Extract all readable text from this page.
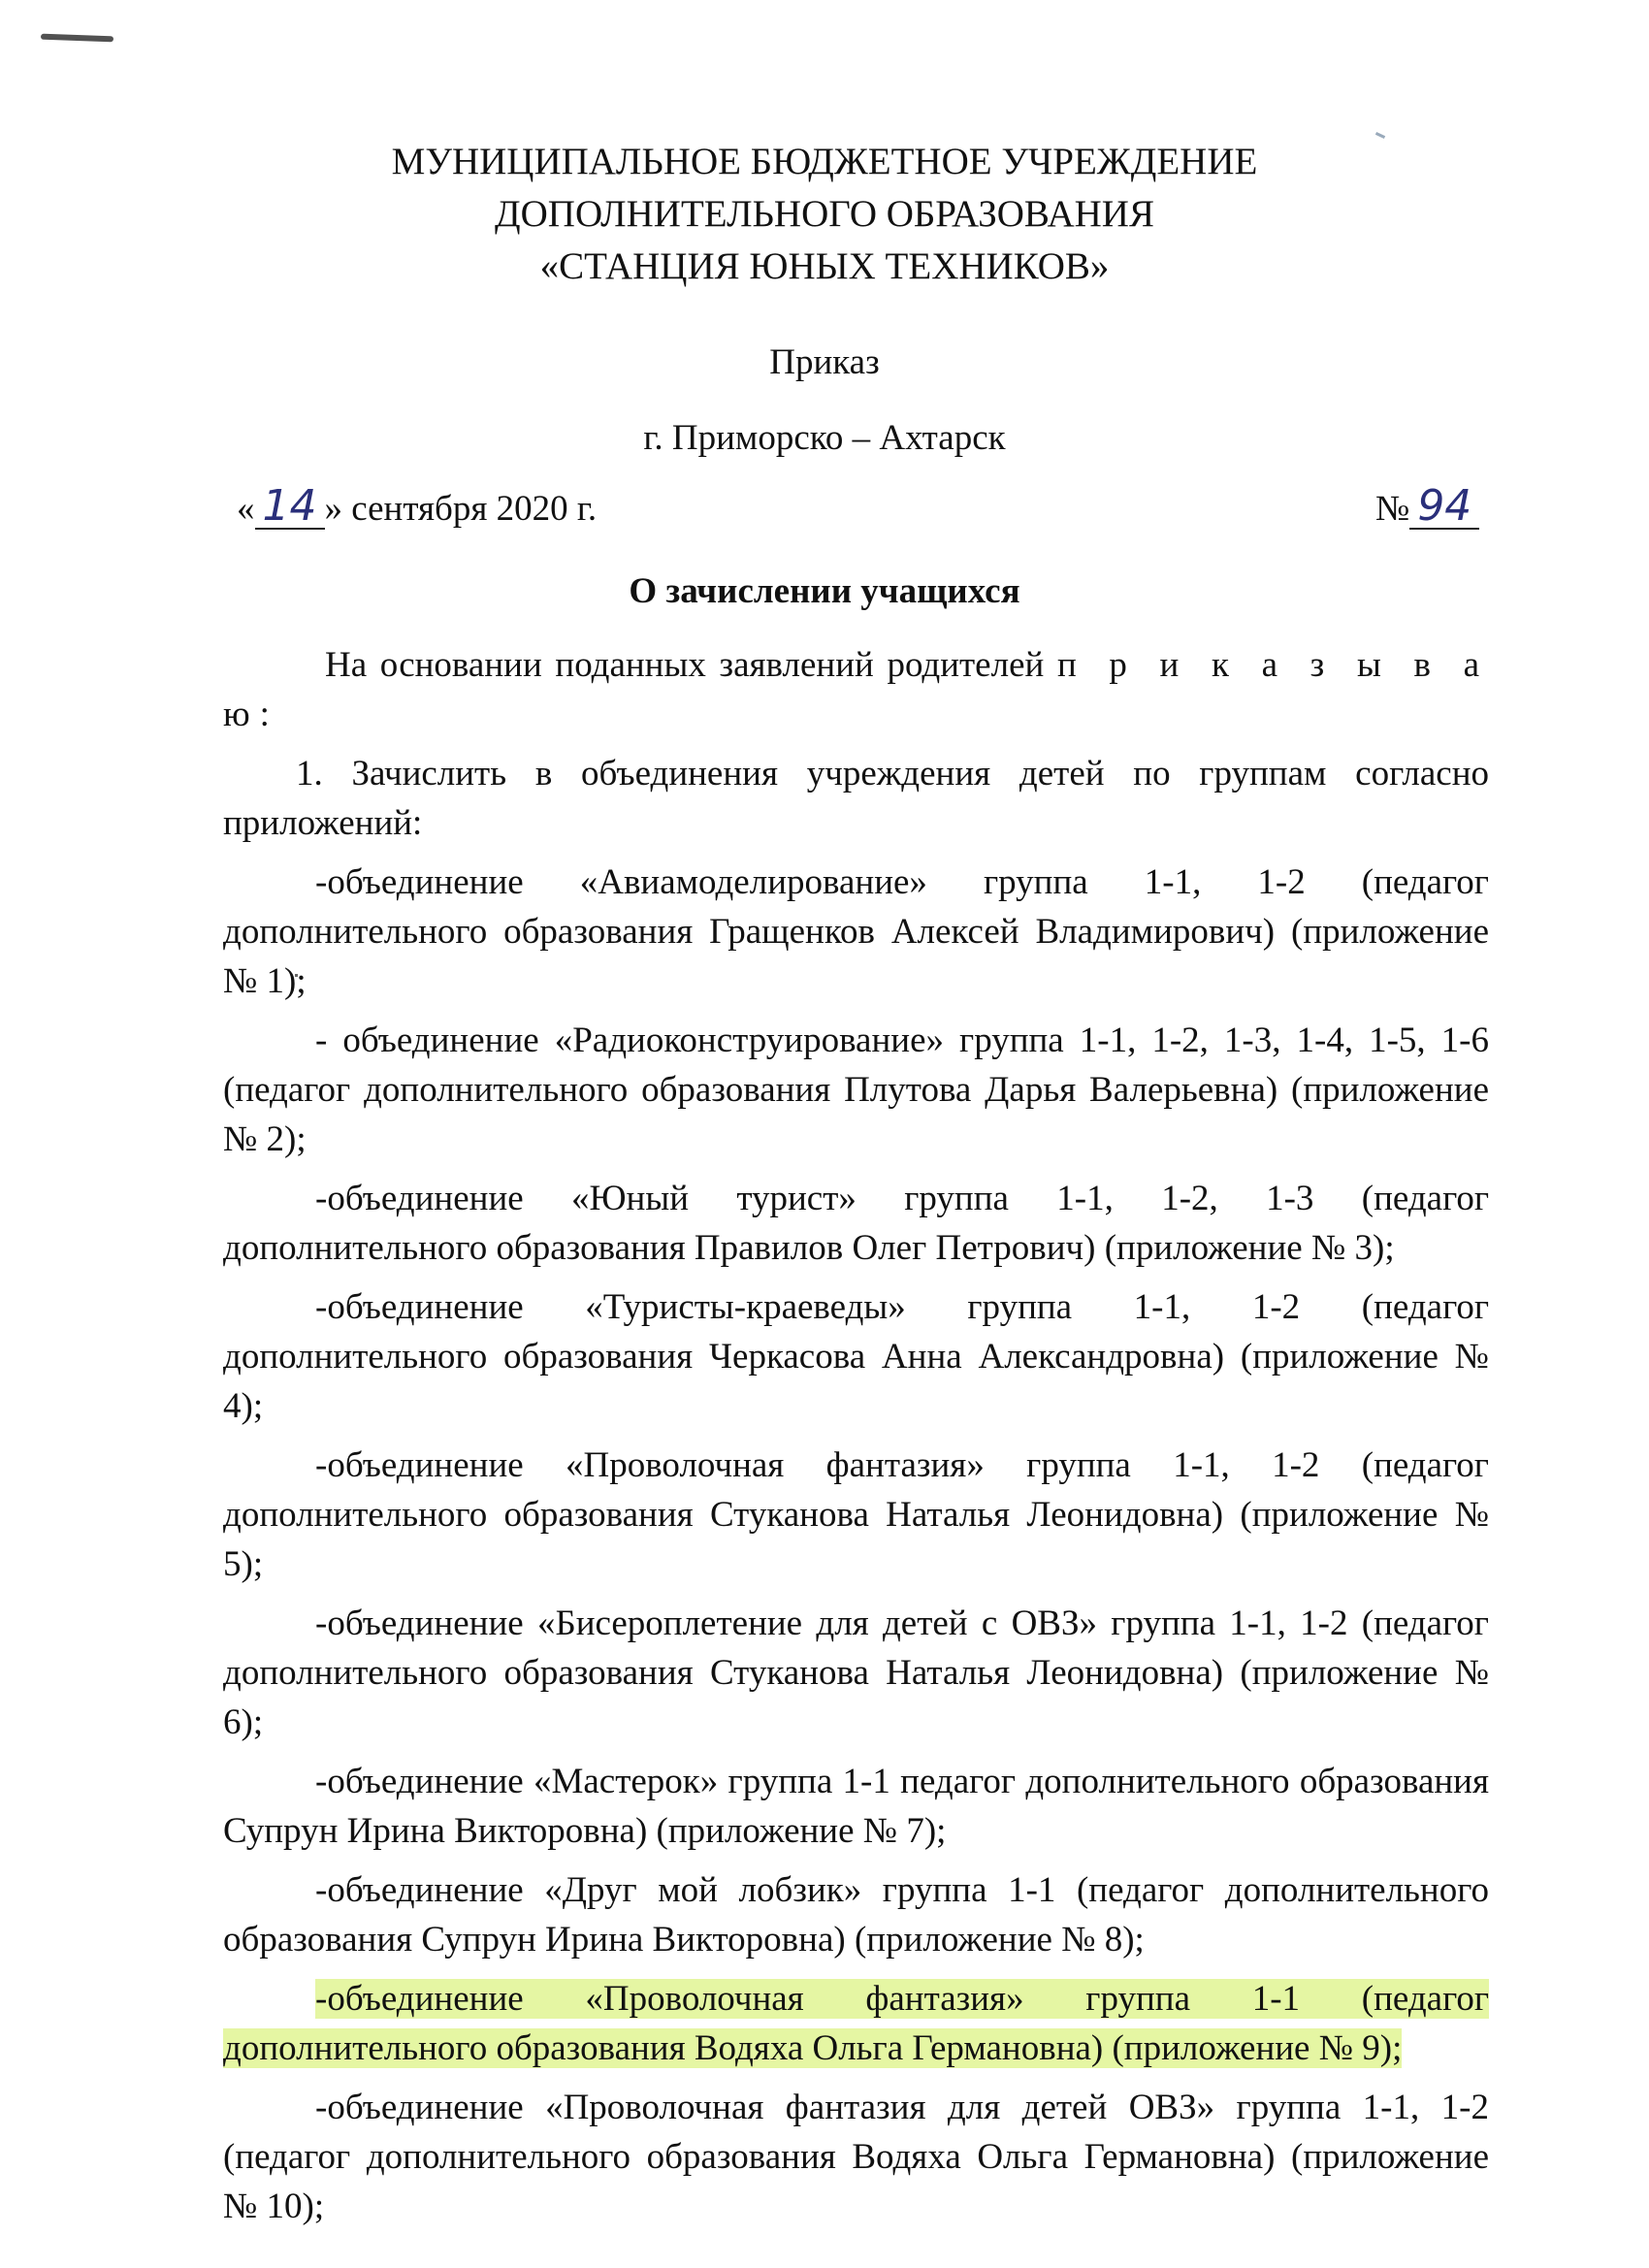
МУНИЦИПАЛЬНОЕ БЮДЖЕТНОЕ УЧРЕЖДЕНИЕ
ДОПОЛНИТЕЛЬНОГО ОБРАЗОВАНИЯ
«СТАНЦИЯ ЮНЫХ ТЕХНИКОВ»
Приказ
г. Приморско – Ахтарск
« 14 » сентября 2020 г.	№ 94
О зачислении учащихся

На основании поданных заявлений родителей п р и к а з ы в а ю:

1. Зачислить в объединения учреждения детей по группам согласно приложений:

-объединение «Авиамоделирование» группа 1-1, 1-2 (педагог дополнительного образования Гращенков Алексей Владимирович) (приложение № 1);

- объединение «Радиоконструирование» группа 1-1, 1-2, 1-3, 1-4, 1-5, 1-6 (педагог дополнительного образования Плутова Дарья Валерьевна) (приложение № 2);

-объединение «Юный турист» группа 1-1, 1-2, 1-3 (педагог дополнительного образования Правилов Олег Петрович) (приложение № 3);

-объединение «Туристы-краеведы» группа 1-1, 1-2 (педагог дополнительного образования Черкасова Анна Александровна) (приложение № 4);

-объединение «Проволочная фантазия» группа 1-1, 1-2 (педагог дополнительного образования Стуканова Наталья Леонидовна) (приложение № 5);

-объединение «Бисероплетение для детей с ОВЗ» группа 1-1, 1-2 (педагог дополнительного образования Стуканова Наталья Леонидовна) (приложение № 6);

-объединение «Мастерок» группа 1-1 педагог дополнительного образования Супрун Ирина Викторовна) (приложение № 7);

-объединение «Друг мой лобзик» группа 1-1 (педагог дополнительного образования Супрун Ирина Викторовна) (приложение № 8);

-объединение «Проволочная фантазия» группа 1-1 (педагог дополнительного образования Водяха Ольга Германовна) (приложение № 9);

-объединение «Проволочная фантазия для детей ОВЗ» группа 1-1, 1-2 (педагог дополнительного образования Водяха Ольга Германовна) (приложение № 10);
